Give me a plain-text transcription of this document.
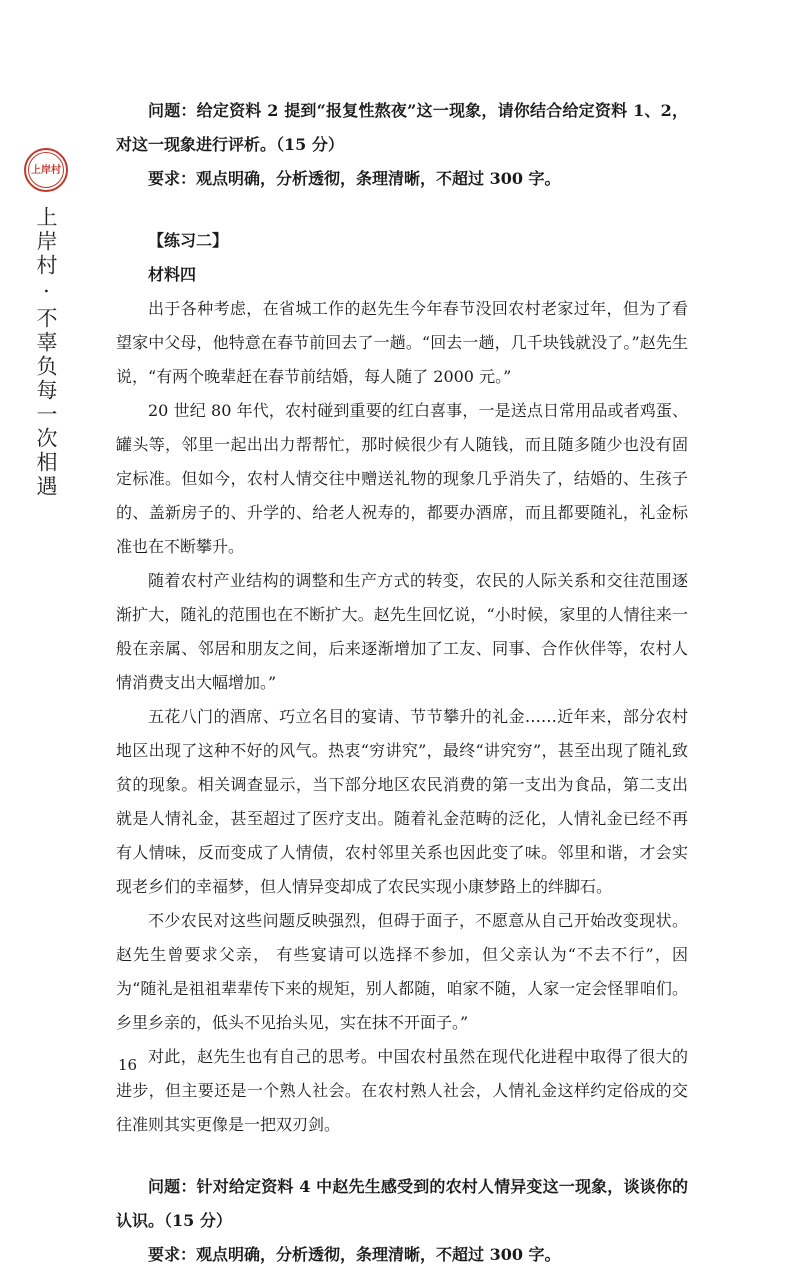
上岸村
上岸村 · 不辜负每一次相遇

问题：给定资料 2 提到“报复性熬夜”这一现象，请你结合给定资料 1、2，对这一现象进行评析。（15 分）

要求：观点明确，分析透彻，条理清晰，不超过 300 字。

【练习二】

材料四

出于各种考虑，在省城工作的赵先生今年春节没回农村老家过年，但为了看望家中父母，他特意在春节前回去了一趟。“回去一趟，几千块钱就没了。”赵先生说，“有两个晚辈赶在春节前结婚，每人随了 2000 元。”

20 世纪 80 年代，农村碰到重要的红白喜事，一是送点日常用品或者鸡蛋、罐头等，邻里一起出出力帮帮忙，那时候很少有人随钱，而且随多随少也没有固定标准。但如今，农村人情交往中赠送礼物的现象几乎消失了，结婚的、生孩子的、盖新房子的、升学的、给老人祝寿的，都要办酒席，而且都要随礼，礼金标准也在不断攀升。

随着农村产业结构的调整和生产方式的转变，农民的人际关系和交往范围逐渐扩大，随礼的范围也在不断扩大。赵先生回忆说，“小时候，家里的人情往来一般在亲属、邻居和朋友之间，后来逐渐增加了工友、同事、合作伙伴等，农村人情消费支出大幅增加。”

五花八门的酒席、巧立名目的宴请、节节攀升的礼金……近年来，部分农村地区出现了这种不好的风气。热衷“穷讲究”，最终“讲究穷”，甚至出现了随礼致贫的现象。相关调查显示，当下部分地区农民消费的第一支出为食品，第二支出就是人情礼金，甚至超过了医疗支出。随着礼金范畴的泛化，人情礼金已经不再有人情味，反而变成了人情债，农村邻里关系也因此变了味。邻里和谐，才会实现老乡们的幸福梦，但人情异变却成了农民实现小康梦路上的绊脚石。

不少农民对这些问题反映强烈，但碍于面子，不愿意从自己开始改变现状。赵先生曾要求父亲， 有些宴请可以选择不参加，但父亲认为“不去不行”，因为“随礼是祖祖辈辈传下来的规矩，别人都随，咱家不随，人家一定会怪罪咱们。乡里乡亲的，低头不见抬头见，实在抹不开面子。”

对此，赵先生也有自己的思考。中国农村虽然在现代化进程中取得了很大的进步，但主要还是一个熟人社会。在农村熟人社会，人情礼金这样约定俗成的交往准则其实更像是一把双刃剑。

问题：针对给定资料 4 中赵先生感受到的农村人情异变这一现象，谈谈你的认识。（15 分）

要求：观点明确，分析透彻，条理清晰，不超过 300 字。

16
